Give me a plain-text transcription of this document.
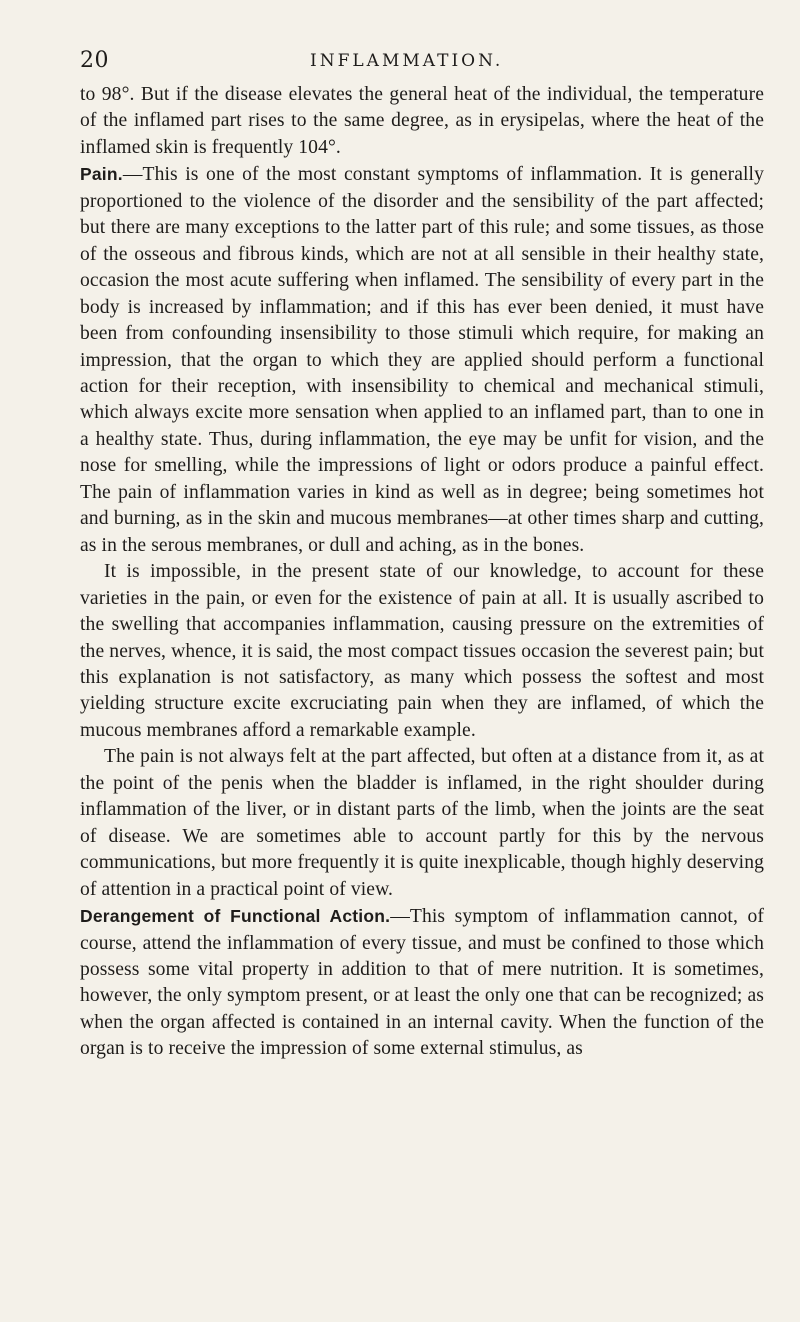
20	INFLAMMATION.

to 98°. But if the disease elevates the general heat of the individual, the temperature of the inflamed part rises to the same degree, as in erysipelas, where the heat of the inflamed skin is frequently 104°.

Pain.—This is one of the most constant symptoms of inflammation. It is generally proportioned to the violence of the disorder and the sensibility of the part affected; but there are many exceptions to the latter part of this rule; and some tissues, as those of the osseous and fibrous kinds, which are not at all sensible in their healthy state, occasion the most acute suffering when inflamed. The sensibility of every part in the body is increased by inflammation; and if this has ever been denied, it must have been from confounding insensibility to those stimuli which require, for making an impression, that the organ to which they are applied should perform a functional action for their reception, with insensibility to chemical and mechanical stimuli, which always excite more sensation when applied to an inflamed part, than to one in a healthy state. Thus, during inflammation, the eye may be unfit for vision, and the nose for smelling, while the impressions of light or odors produce a painful effect. The pain of inflammation varies in kind as well as in degree; being sometimes hot and burning, as in the skin and mucous membranes—at other times sharp and cutting, as in the serous membranes, or dull and aching, as in the bones.

It is impossible, in the present state of our knowledge, to account for these varieties in the pain, or even for the existence of pain at all. It is usually ascribed to the swelling that accompanies inflammation, causing pressure on the extremities of the nerves, whence, it is said, the most compact tissues occasion the severest pain; but this explanation is not satisfactory, as many which possess the softest and most yielding structure excite excruciating pain when they are inflamed, of which the mucous membranes afford a remarkable example.

The pain is not always felt at the part affected, but often at a distance from it, as at the point of the penis when the bladder is inflamed, in the right shoulder during inflammation of the liver, or in distant parts of the limb, when the joints are the seat of disease. We are sometimes able to account partly for this by the nervous communications, but more frequently it is quite inexplicable, though highly deserving of attention in a practical point of view.

Derangement of Functional Action.—This symptom of inflammation cannot, of course, attend the inflammation of every tissue, and must be confined to those which possess some vital property in addition to that of mere nutrition. It is sometimes, however, the only symptom present, or at least the only one that can be recognized; as when the organ affected is contained in an internal cavity. When the function of the organ is to receive the impression of some external stimulus, as
